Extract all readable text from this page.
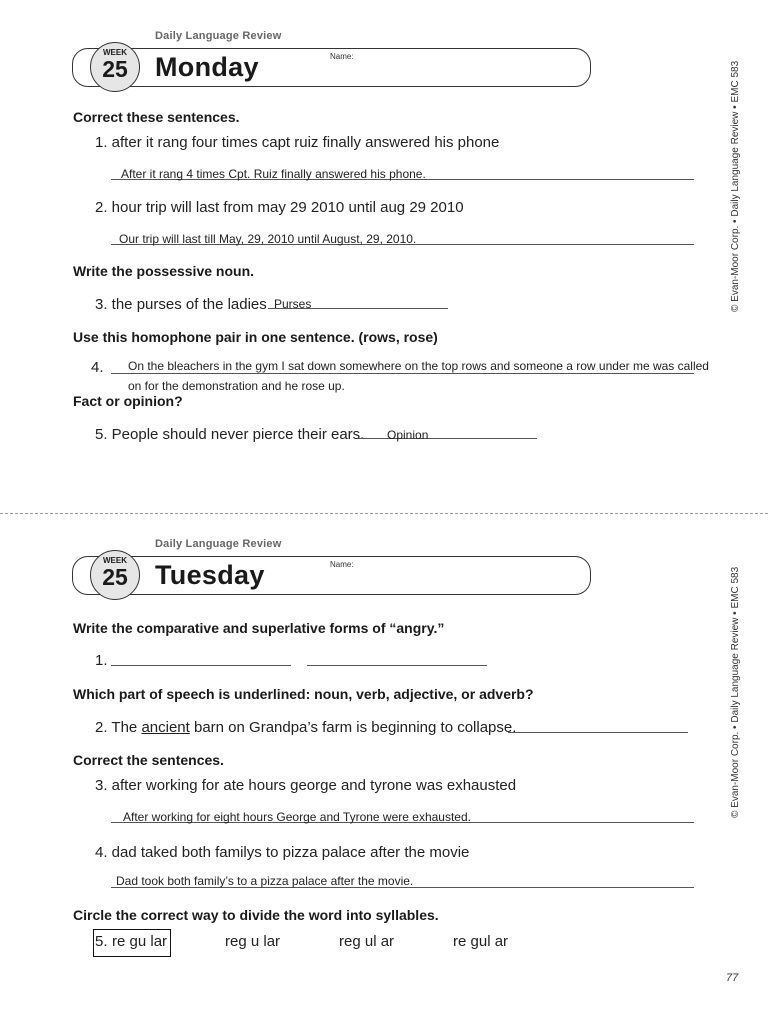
Daily Language Review
WEEK
25	Monday	Name:
Correct these sentences.
1. after it rang four times capt ruiz finally answered his phone
After it rang 4 times Cpt. Ruiz finally answered his phone.
2. hour trip will last from may 29 2010 until aug 29 2010
Our trip will last till May, 29, 2010 until August, 29, 2010.
Write the possessive noun.
3. the purses of the ladies Purses
Use this homophone pair in one sentence. (rows, rose)
4. On the bleachers in the gym I sat down somewhere on the top rows and someone a row under me was called
on for the demonstration and he rose up.
Fact or opinion?
5. People should never pierce their ears. Opinion
© Evan-Moor Corp. • Daily Language Review • EMC 583
Daily Language Review
WEEK
25	Tuesday	Name:
Write the comparative and superlative forms of “angry.”
1.
Which part of speech is underlined: noun, verb, adjective, or adverb?
2. The ancient barn on Grandpa’s farm is beginning to collapse.
Correct the sentences.
3. after working for ate hours george and tyrone was exhausted
After working for eight hours George and Tyrone were exhausted.
4. dad taked both familys to pizza palace after the movie
Dad took both family’s to a pizza palace after the movie.
Circle the correct way to divide the word into syllables.
5. re gu lar	reg u lar	reg ul ar	re gul ar
© Evan-Moor Corp. • Daily Language Review • EMC 583
77
